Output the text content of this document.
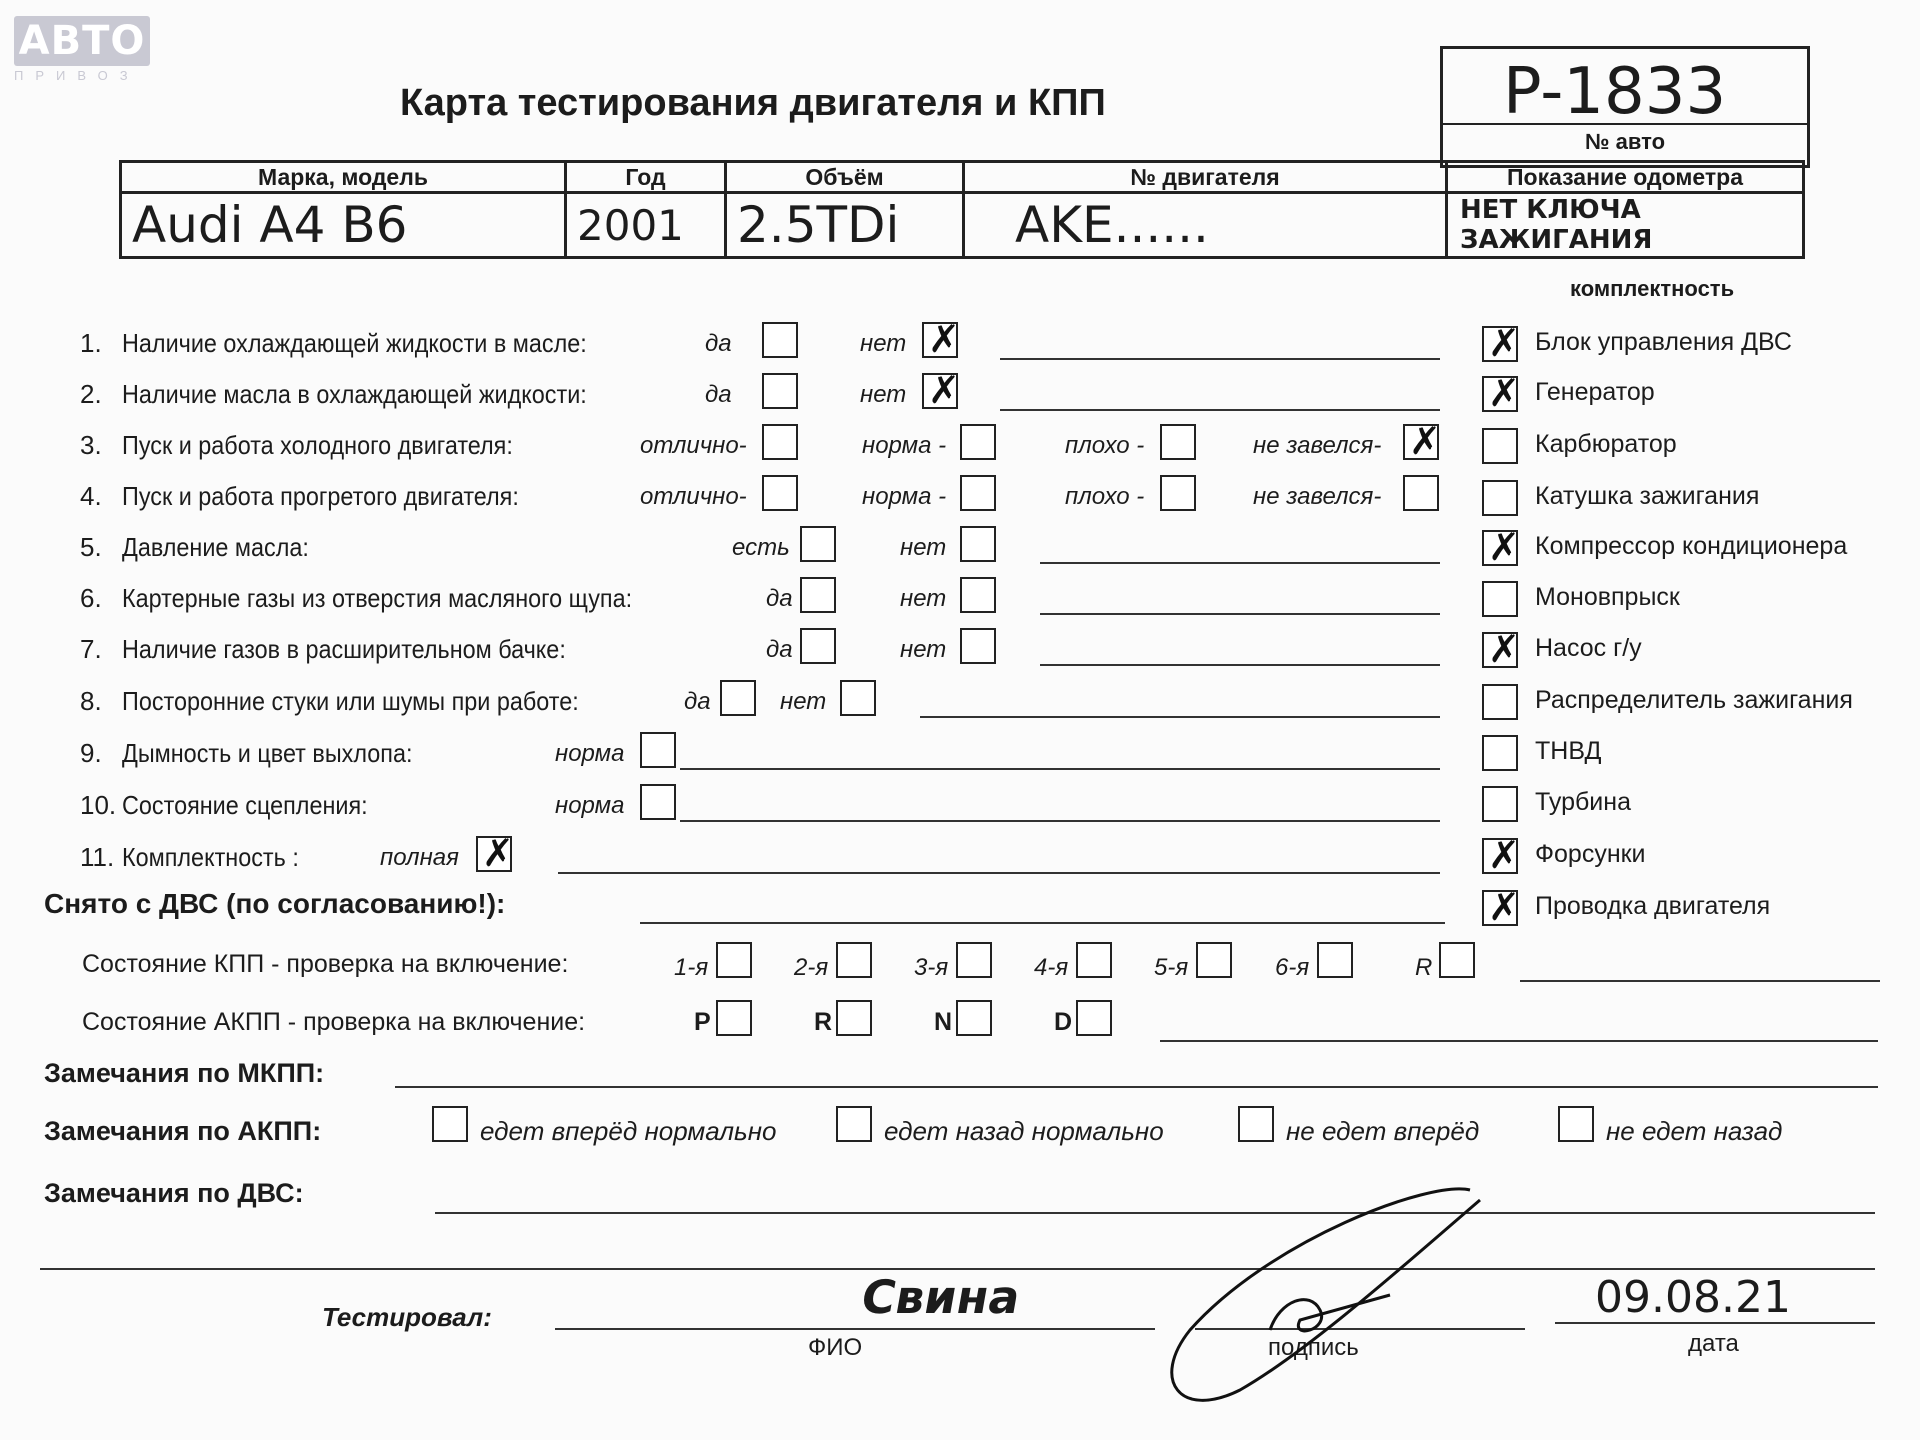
АВТО
ПРИВОЗ
Карта тестирования двигателя и КПП	P-1833
№ авто
Марка, модель	Год	Объём	№ двигателя	Показание одометра
Audi A4 B6	2001	2.5TDi	AKE......	НЕТ КЛЮЧА ЗАЖИГАНИЯ
комплектность
✗ Блок управления ДВС
✗ Генератор
Карбюратор
Катушка зажигания
✗ Компрессор кондиционера
Моновпрыск
✗ Насос г/у
Распределитель зажигания
ТНВД
Турбина
✗ Форсунки
✗ Проводка двигателя
1. Наличие охлаждающей жидкости в масле:	да	нет ✗
2. Наличие масла в охлаждающей жидкости:	да	нет ✗
3. Пуск и работа холодного двигателя:	отлично-	норма -	плохо -	не завелся- ✗
4. Пуск и работа прогретого двигателя:	отлично-	норма -	плохо -	не завелся-
5. Давление масла:	есть	нет
6. Картерные газы из отверстия масляного щупа:	да	нет
7. Наличие газов в расширительном бачке:	да	нет
8. Посторонние стуки или шумы при работе:	да	нет
9. Дымность и цвет выхлопа:	норма
10. Состояние сцепления:	норма
11. Комплектность :	полная ✗
Снято с ДВС (по согласованию!):
Состояние КПП - проверка на включение:	1-я	2-я	3-я	4-я	5-я	6-я	R
Состояние АКПП - проверка на включение:	P	R	N	D
Замечания по МКПП:
Замечания по АКПП:	едет вперёд нормально	едет назад нормально	не едет вперёд	не едет назад
Замечания по ДВС:
Тестировал:
ФИО
Свина
подпись	дата
09.08.21
